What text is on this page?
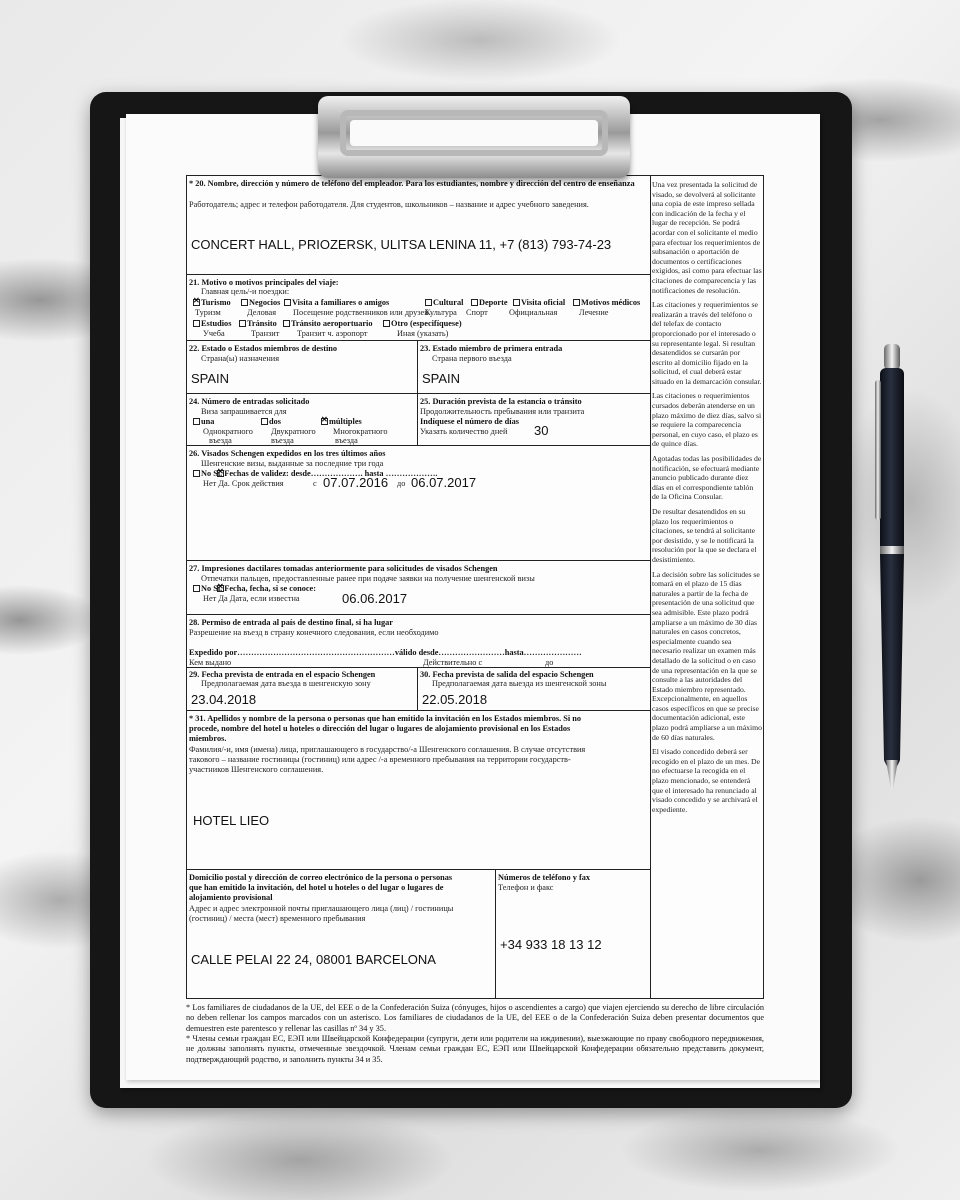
* 20. Nombre, dirección y número de teléfono del empleador. Para los estudiantes, nombre y dirección del centro de enseñanza
Работодатель; адрес и телефон работодателя. Для студентов, школьников – название и адрес учебного заведения.
CONCERT HALL, PRIOZERSK, ULITSA LENINA 11, +7 (813) 793-74-23
21. Motivo o motivos principales del viaje:
Главная цель/-и поездки:
✕Turismo	Negocios	Visita a familiares o amigos	Cultural	Deporte	Visita oficial	Motivos médicos
Туризм	Деловая Посещение родственников или друзей
Культура Спорт	Официальная	Лечение
Estudios	Tránsito	Tránsito aeroportuario	Otro (especifíquese)
Учеба	Транзит Транзит ч. аэропорт	Иная (указать)
22. Estado o Estados miembros de destino
Страна(ы) назначения
SPAIN
23. Estado miembro de primera entrada
Страна первого въезда
SPAIN
24. Número de entradas solicitado
Виза запрашивается для
una	dos
✕	múltiples
Однократного Двукратного Многократного
въезда	въезда	въезда
25. Duración prevista de la estancia o tránsito
Продолжительность пребывания или транзита
Indíquese el número de días
Указать количество дней 30
26. Visados Schengen expedidos en los tres últimos años
Шенгенские визы, выданные за последние три года
✕
No Sí. Fechas de validez: desde………………. hasta ……………….
Нет Да. Срок действия	с 07.07.2016 до 06.07.2017
27. Impresiones dactilares tomadas anteriormente para solicitudes de visados Schengen
Отпечатки пальцев, предоставленные ранее при подаче заявки на получение шенгенской визы
✕
No Sí. Fecha, fecha, si se conoce:
Нет Да Дата, если известна	06.06.2017
28. Permiso de entrada al país de destino final, si ha lugar
Разрешение на въезд в страну конечного следования, если необходимо
Expedido por…………………………………………………válido desde……………………hasta…………………
Кем выдано	Действительно с	до
29. Fecha prevista de entrada en el espacio Schengen
Предполагаемая дата въезда в шенгенскую зону
23.04.2018
30. Fecha prevista de salida del espacio Schengen
Предполагаемая дата выезда из шенгенской зоны
22.05.2018
* 31. Apellidos y nombre de la persona o personas que han emitido la invitación en los Estados miembros. Si no
procede, nombre del hotel u hoteles o dirección del lugar o lugares de alojamiento provisional en los Estados
miembros.
Фамилия/-и, имя (имена) лица, приглашающего в государство/-а Шенгенского соглашения. В случае отсутствия
такового – название гостиницы (гостиниц) или адрес /-а временного пребывания на территории государств-
участников Шенгенского соглашения.
HOTEL LIEO
Domicilio postal y dirección de correo electrónico de la persona o personas
que han emitido la invitación, del hotel u hoteles o del lugar o lugares de
alojamiento provisional
Адрес и адрес электронной почты приглашающего лица (лиц) / гостиницы
(гостиниц) / места (мест) временного пребывания
CALLE PELAI 22 24, 08001 BARCELONA
Números de teléfono y fax
Телефон и факс
+34 933 18 13 12

Una vez presentada la solicitud de visado, se devolverá al solicitante una copia de este impreso sellada con indicación de la fecha y el lugar de recepción. Se podrá acordar con el solicitante el medio para efectuar los requerimientos de subsanación o aportación de documentos o certificaciones exigidos, así como para efectuar las citaciones de comparecencia y las notificaciones de resolución.

Las citaciones y requerimientos se realizarán a través del teléfono o del telefax de contacto proporcionado por el interesado o su representante legal. Si resultan desatendidos se cursarán por escrito al domicilio fijado en la solicitud, el cual deberá estar situado en la demarcación consular.

Las citaciones o requerimientos cursados deberán atenderse en un plazo máximo de diez días, salvo si se requiere la comparecencia personal, en cuyo caso, el plazo es de quince días.

Agotadas todas las posibilidades de notificación, se efectuará mediante anuncio publicado durante diez días en el correspondiente tablón de la Oficina Consular.

De resultar desatendidos en su plazo los requerimientos o citaciones, se tendrá al solicitante por desistido, y se le notificará la resolución por la que se declara el desistimiento.

La decisión sobre las solicitudes se tomará en el plazo de 15 días naturales a partir de la fecha de presentación de una solicitud que sea admisible. Este plazo podrá ampliarse a un máximo de 30 días naturales en casos concretos, especialmente cuando sea necesario realizar un examen más detallado de la solicitud o en caso de una representación en la que se consulte a las autoridades del Estado miembro representado. Excepcionalmente, en aquellos casos específicos en que se precise documentación adicional, este plazo podrá ampliarse a un máximo de 60 días naturales.

El visado concedido deberá ser recogido en el plazo de un mes. De no efectuarse la recogida en el plazo mencionado, se entenderá que el interesado ha renunciado al visado concedido y se archivará el expediente.

* Los familiares de ciudadanos de la UE, del EEE o de la Confederación Suiza (cónyuges, hijos o ascendientes a cargo) que viajen ejerciendo su derecho de libre circulación no deben rellenar los campos marcados con un asterisco. Los familiares de ciudadanos de la UE, del EEE o de la Confederación Suiza deben presentar documentos que demuestren este parentesco y rellenar las casillas nº 34 y 35.
* Члены семьи граждан ЕС, ЕЭП или Швейцарской Конфедерации (супруги, дети или родители на иждивении), выезжающие по праву свободного передвижения, не должны заполнять пункты, отмеченные звездочкой. Членам семьи граждан ЕС, ЕЭП или Швейцарской Конфедерации обязательно представить документ, подтверждающий родство, и заполнить пункты 34 и 35.
